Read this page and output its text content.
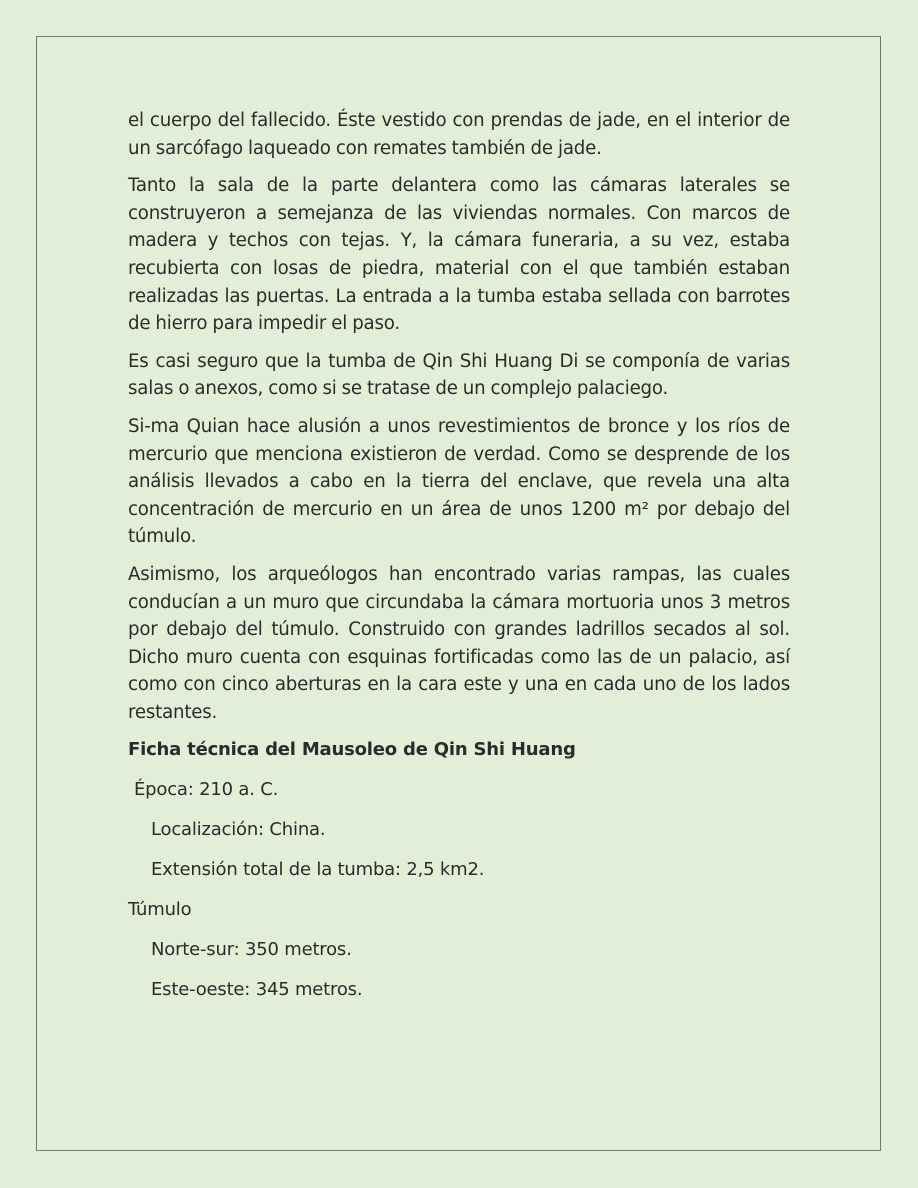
el cuerpo del fallecido. Éste vestido con prendas de jade, en el interior de un sarcófago laqueado con remates también de jade.

Tanto la sala de la parte delantera como las cámaras laterales se construyeron a semejanza de las viviendas normales. Con marcos de madera y techos con tejas. Y, la cámara funeraria, a su vez, estaba recubierta con losas de piedra, material con el que también estaban realizadas las puertas. La entrada a la tumba estaba sellada con barrotes de hierro para impedir el paso.

Es casi seguro que la tumba de Qin Shi Huang Di se componía de varias salas o anexos, como si se tratase de un complejo palaciego.

Si-ma Quian hace alusión a unos revestimientos de bronce y los ríos de mercurio que menciona existieron de verdad. Como se desprende de los análisis llevados a cabo en la tierra del enclave, que revela una alta concentración de mercurio en un área de unos 1200 m² por debajo del túmulo.

Asimismo, los arqueólogos han encontrado varias rampas, las cuales conducían a un muro que circundaba la cámara mortuoria unos 3 metros por debajo del túmulo. Construido con grandes ladrillos secados al sol. Dicho muro cuenta con esquinas fortificadas como las de un palacio, así como con cinco aberturas en la cara este y una en cada uno de los lados restantes.

Ficha técnica del Mausoleo de Qin Shi Huang
Época: 210 a. C.
Localización: China.
Extensión total de la tumba: 2,5 km2.
Túmulo
Norte-sur: 350 metros.
Este-oeste: 345 metros.
